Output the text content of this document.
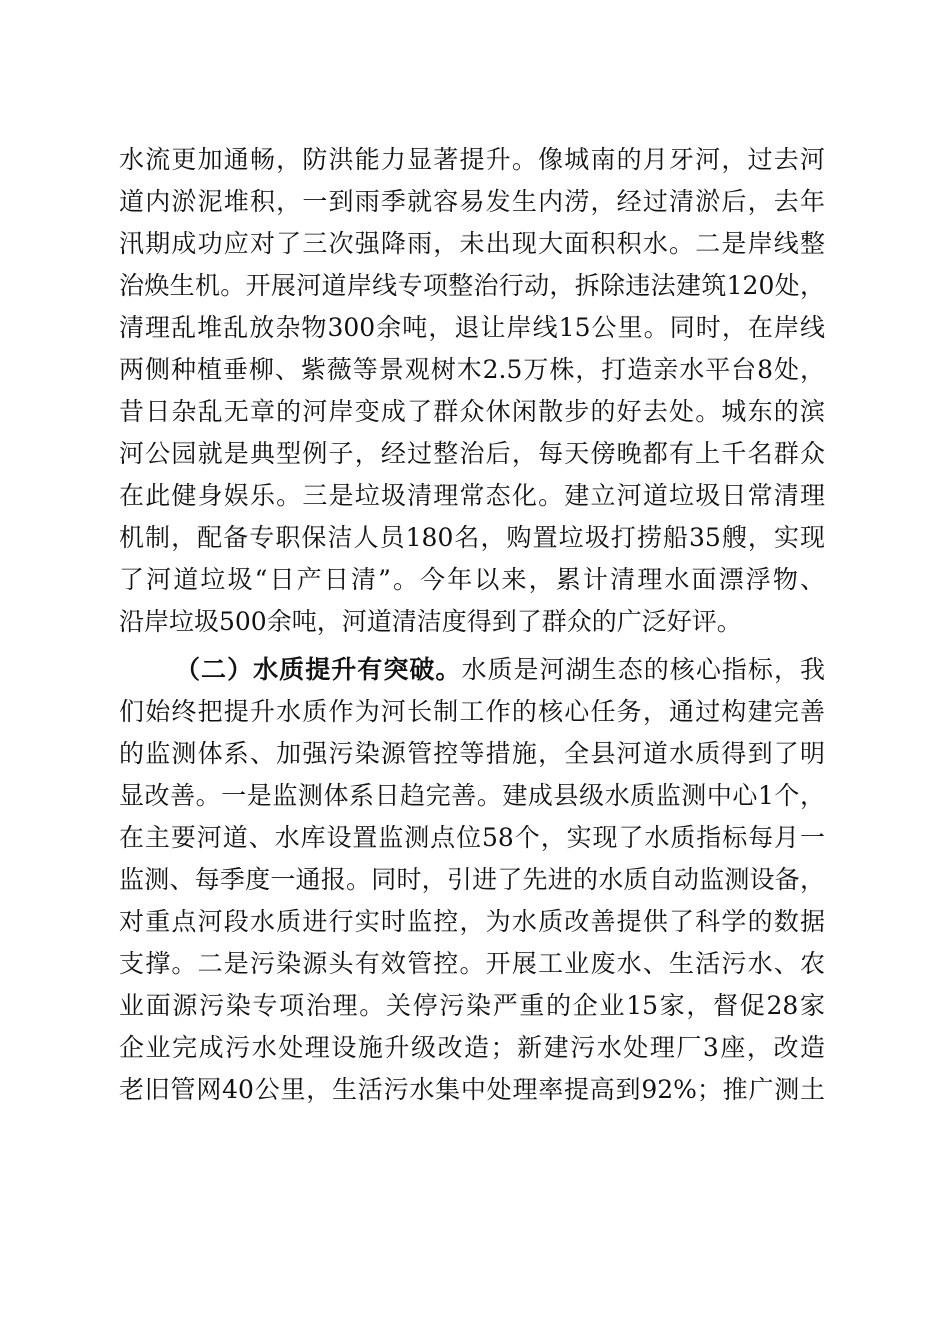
水流更加通畅，防洪能力显著提升。像城南的月牙河，过去河
道内淤泥堆积，一到雨季就容易发生内涝，经过清淤后，去年
汛期成功应对了三次强降雨，未出现大面积积水。二是岸线整
治焕生机。开展河道岸线专项整治行动，拆除违法建筑120处，
清理乱堆乱放杂物300余吨，退让岸线15公里。同时，在岸线
两侧种植垂柳、紫薇等景观树木2.5万株，打造亲水平台8处，
昔日杂乱无章的河岸变成了群众休闲散步的好去处。城东的滨
河公园就是典型例子，经过整治后，每天傍晚都有上千名群众
在此健身娱乐。三是垃圾清理常态化。建立河道垃圾日常清理
机制，配备专职保洁人员180名，购置垃圾打捞船35艘，实现
了河道垃圾“日产日清”。今年以来，累计清理水面漂浮物、
沿岸垃圾500余吨，河道清洁度得到了群众的广泛好评。
（二）水质提升有突破。水质是河湖生态的核心指标，我
们始终把提升水质作为河长制工作的核心任务，通过构建完善
的监测体系、加强污染源管控等措施，全县河道水质得到了明
显改善。一是监测体系日趋完善。建成县级水质监测中心1个，
在主要河道、水库设置监测点位58个，实现了水质指标每月一
监测、每季度一通报。同时，引进了先进的水质自动监测设备，
对重点河段水质进行实时监控，为水质改善提供了科学的数据
支撑。二是污染源头有效管控。开展工业废水、生活污水、农
业面源污染专项治理。关停污染严重的企业15家，督促28家
企业完成污水处理设施升级改造；新建污水处理厂3座，改造
老旧管网40公里，生活污水集中处理率提高到92%；推广测土
